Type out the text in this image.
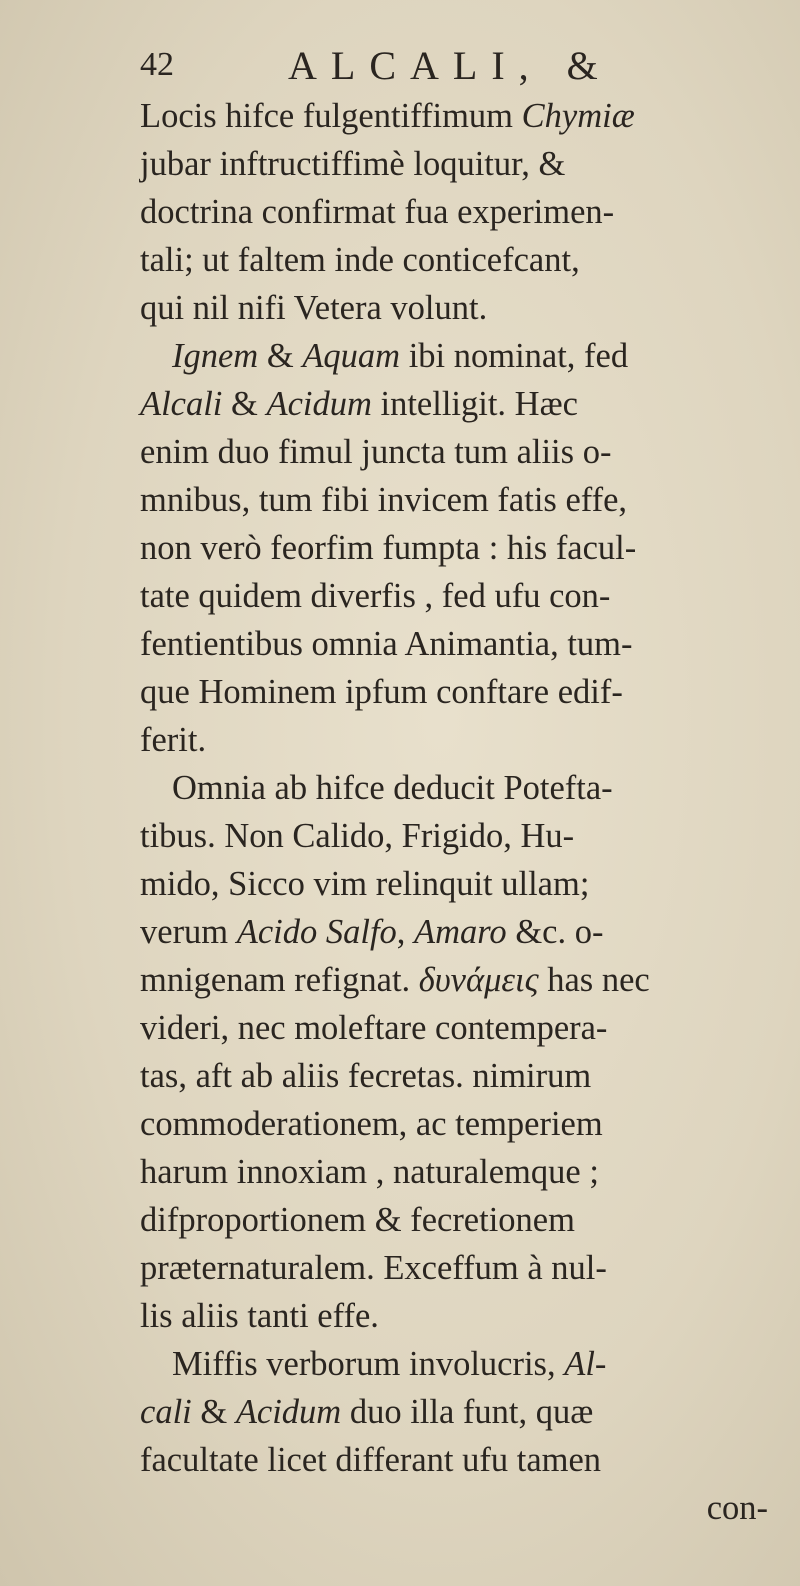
42	ALCALI, &
Locis hifce fulgentiffimum Chymiæ
jubar inftructiffimè loquitur, &
doctrina confirmat fua experimen-
tali; ut faltem inde conticefcant,
qui nil nifi Vetera volunt.
Ignem & Aquam ibi nominat, fed
Alcali & Acidum intelligit. Hæc
enim duo fimul juncta tum aliis o-
mnibus, tum fibi invicem fatis effe,
non verò feorfim fumpta : his facul-
tate quidem diverfis , fed ufu con-
fentientibus omnia Animantia, tum-
que Hominem ipfum conftare edif-
ferit.
Omnia ab hifce deducit Potefta-
tibus. Non Calido, Frigido, Hu-
mido, Sicco vim relinquit ullam;
verum Acido Salfo, Amaro &c. o-
mnigenam refignat. δυνάμεις has nec
videri, nec moleftare contempera-
tas, aft ab aliis fecretas. nimirum
commoderationem, ac temperiem
harum innoxiam , naturalemque ;
difproportionem & fecretionem
præternaturalem. Exceffum à nul-
lis aliis tanti effe.
Miffis verborum involucris, Al-
cali & Acidum duo illa funt, quæ
facultate licet differant ufu tamen
con-
